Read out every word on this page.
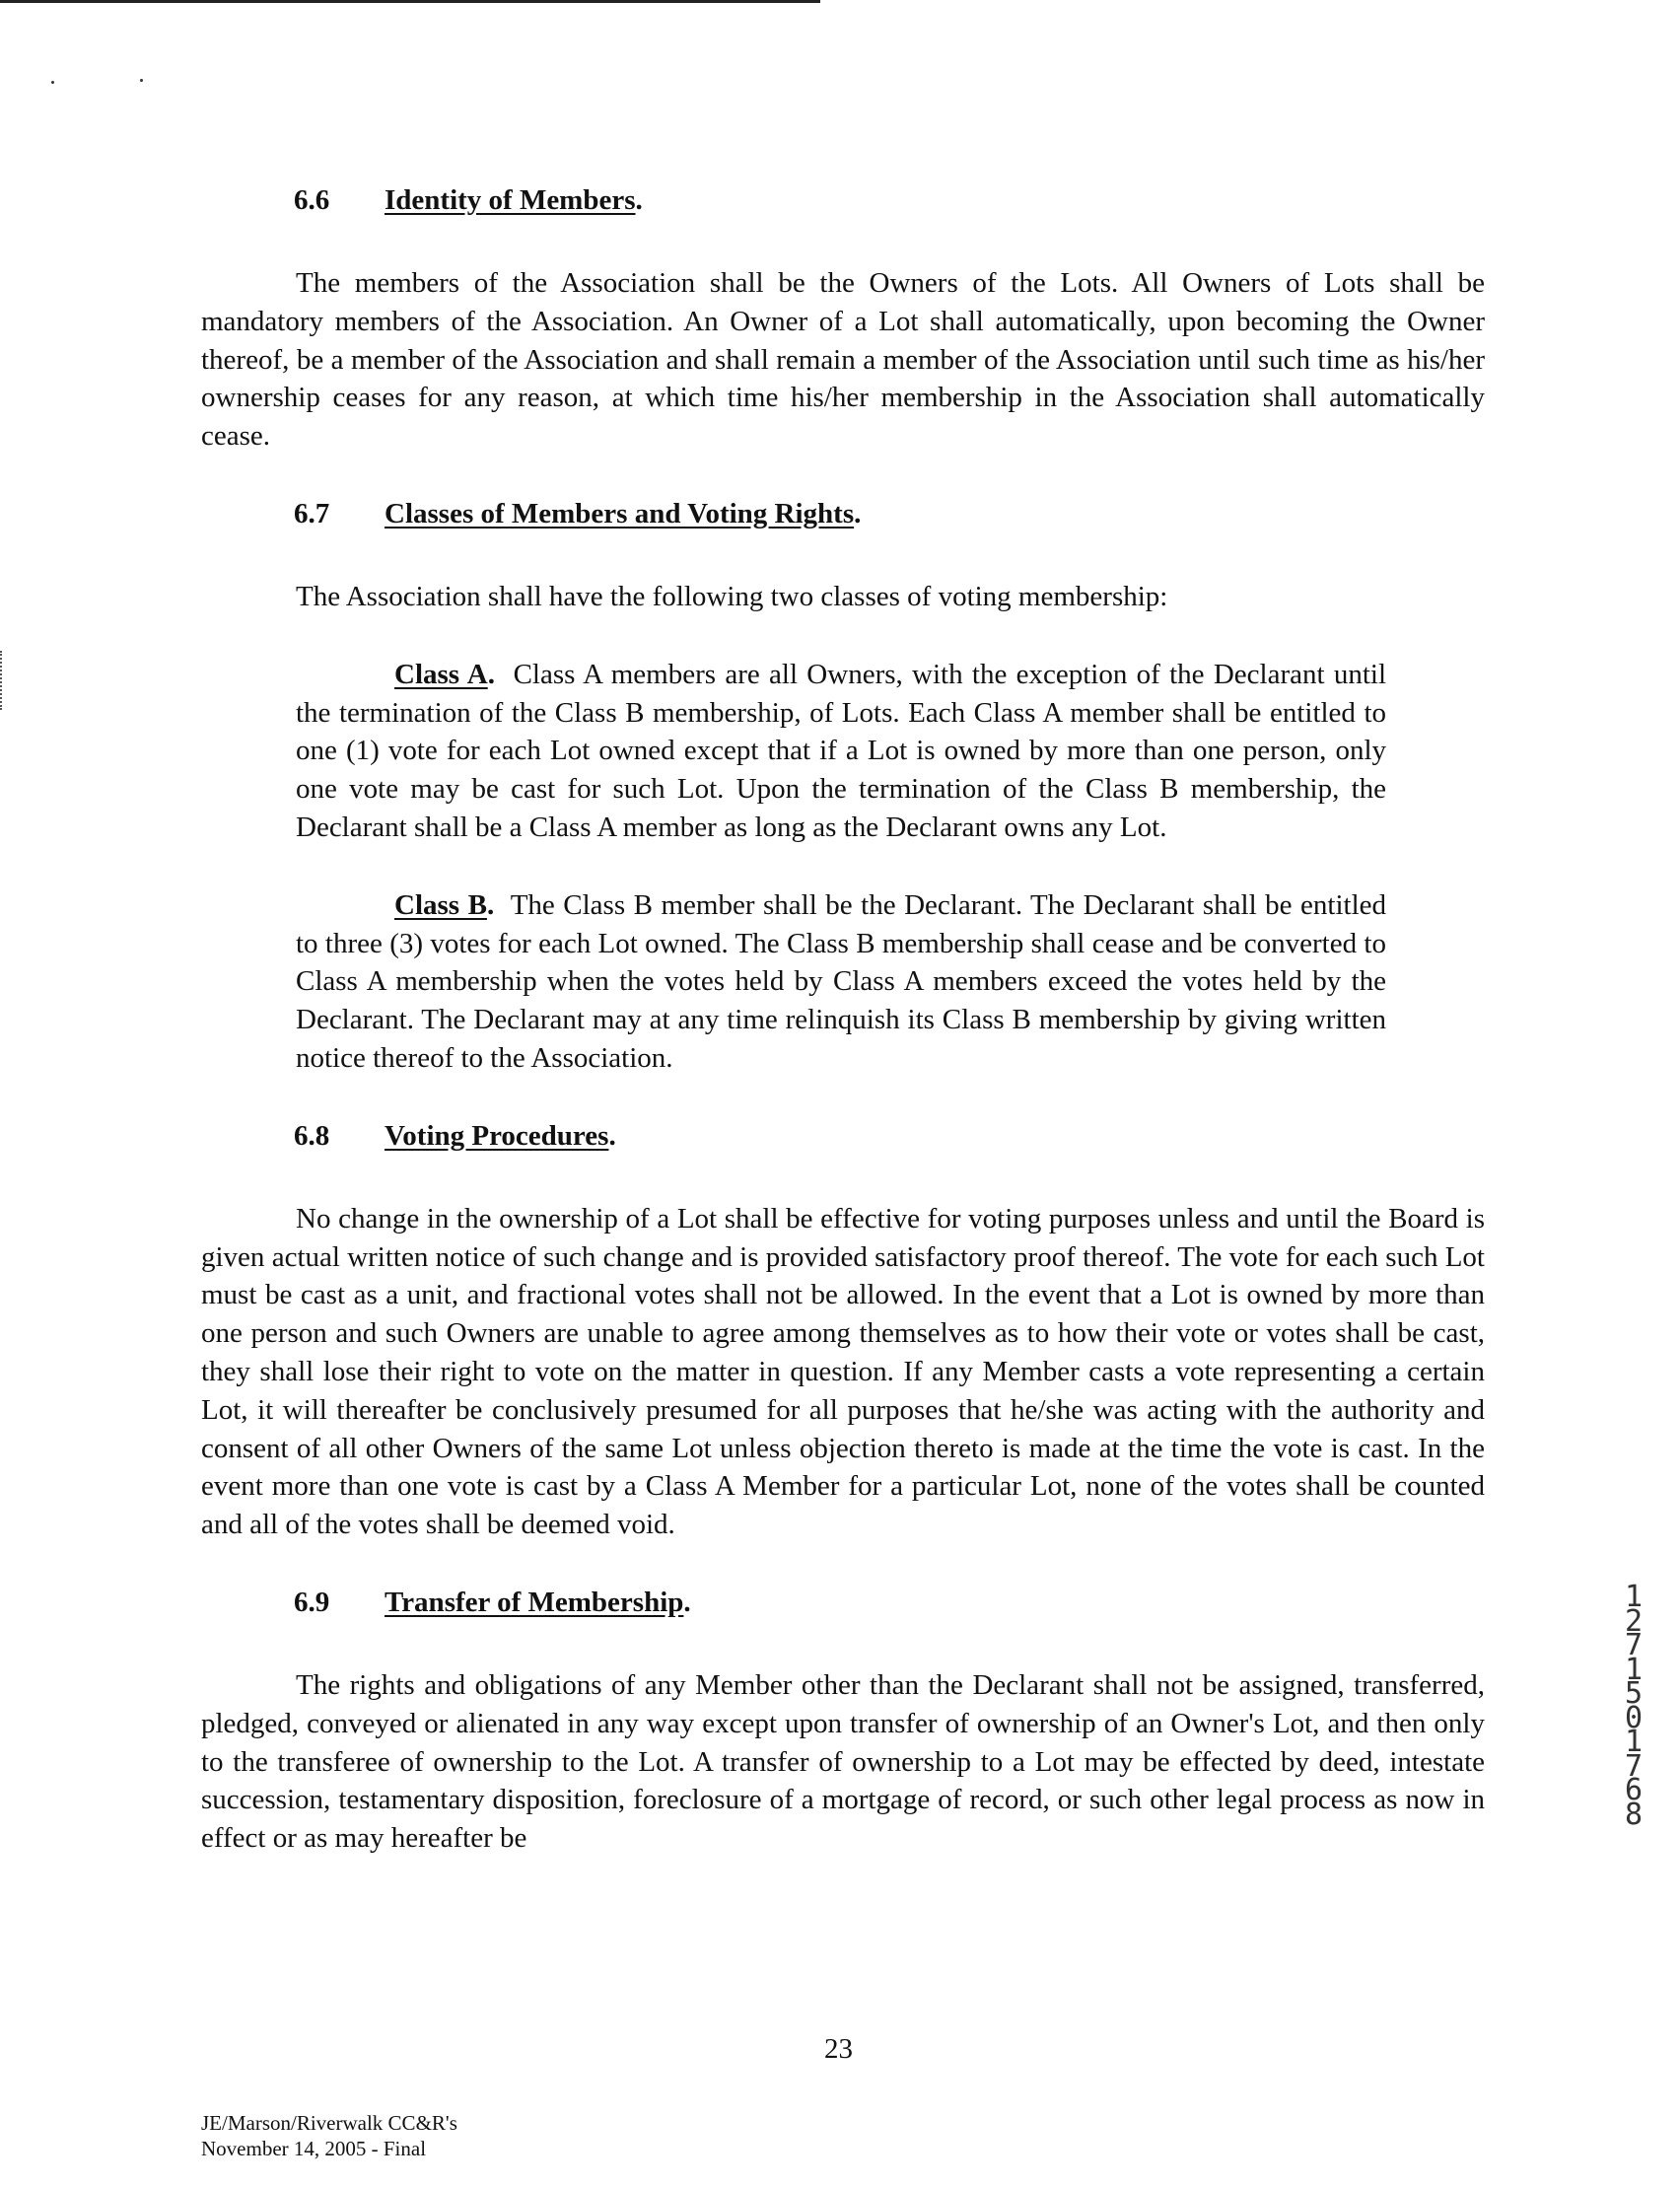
6.6 Identity of Members.

The members of the Association shall be the Owners of the Lots. All Owners of Lots shall be mandatory members of the Association. An Owner of a Lot shall automatically, upon becoming the Owner thereof, be a member of the Association and shall remain a member of the Association until such time as his/her ownership ceases for any reason, at which time his/her membership in the Association shall automatically cease.

6.7 Classes of Members and Voting Rights.

The Association shall have the following two classes of voting membership:

Class A. Class A members are all Owners, with the exception of the Declarant until the termination of the Class B membership, of Lots. Each Class A member shall be entitled to one (1) vote for each Lot owned except that if a Lot is owned by more than one person, only one vote may be cast for such Lot. Upon the termination of the Class B membership, the Declarant shall be a Class A member as long as the Declarant owns any Lot.

Class B. The Class B member shall be the Declarant. The Declarant shall be entitled to three (3) votes for each Lot owned. The Class B membership shall cease and be converted to Class A membership when the votes held by Class A members exceed the votes held by the Declarant. The Declarant may at any time relinquish its Class B membership by giving written notice thereof to the Association.

6.8 Voting Procedures.

No change in the ownership of a Lot shall be effective for voting purposes unless and until the Board is given actual written notice of such change and is provided satisfactory proof thereof. The vote for each such Lot must be cast as a unit, and fractional votes shall not be allowed. In the event that a Lot is owned by more than one person and such Owners are unable to agree among themselves as to how their vote or votes shall be cast, they shall lose their right to vote on the matter in question. If any Member casts a vote representing a certain Lot, it will thereafter be conclusively presumed for all purposes that he/she was acting with the authority and consent of all other Owners of the same Lot unless objection thereto is made at the time the vote is cast. In the event more than one vote is cast by a Class A Member for a particular Lot, none of the votes shall be counted and all of the votes shall be deemed void.

6.9 Transfer of Membership.

The rights and obligations of any Member other than the Declarant shall not be assigned, transferred, pledged, conveyed or alienated in any way except upon transfer of ownership of an Owner's Lot, and then only to the transferee of ownership to the Lot. A transfer of ownership to a Lot may be effected by deed, intestate succession, testamentary disposition, foreclosure of a mortgage of record, or such other legal process as now in effect or as may hereafter be

23
JE/Marson/Riverwalk CC&R's
November 14, 2005 - Final
12715 01768
